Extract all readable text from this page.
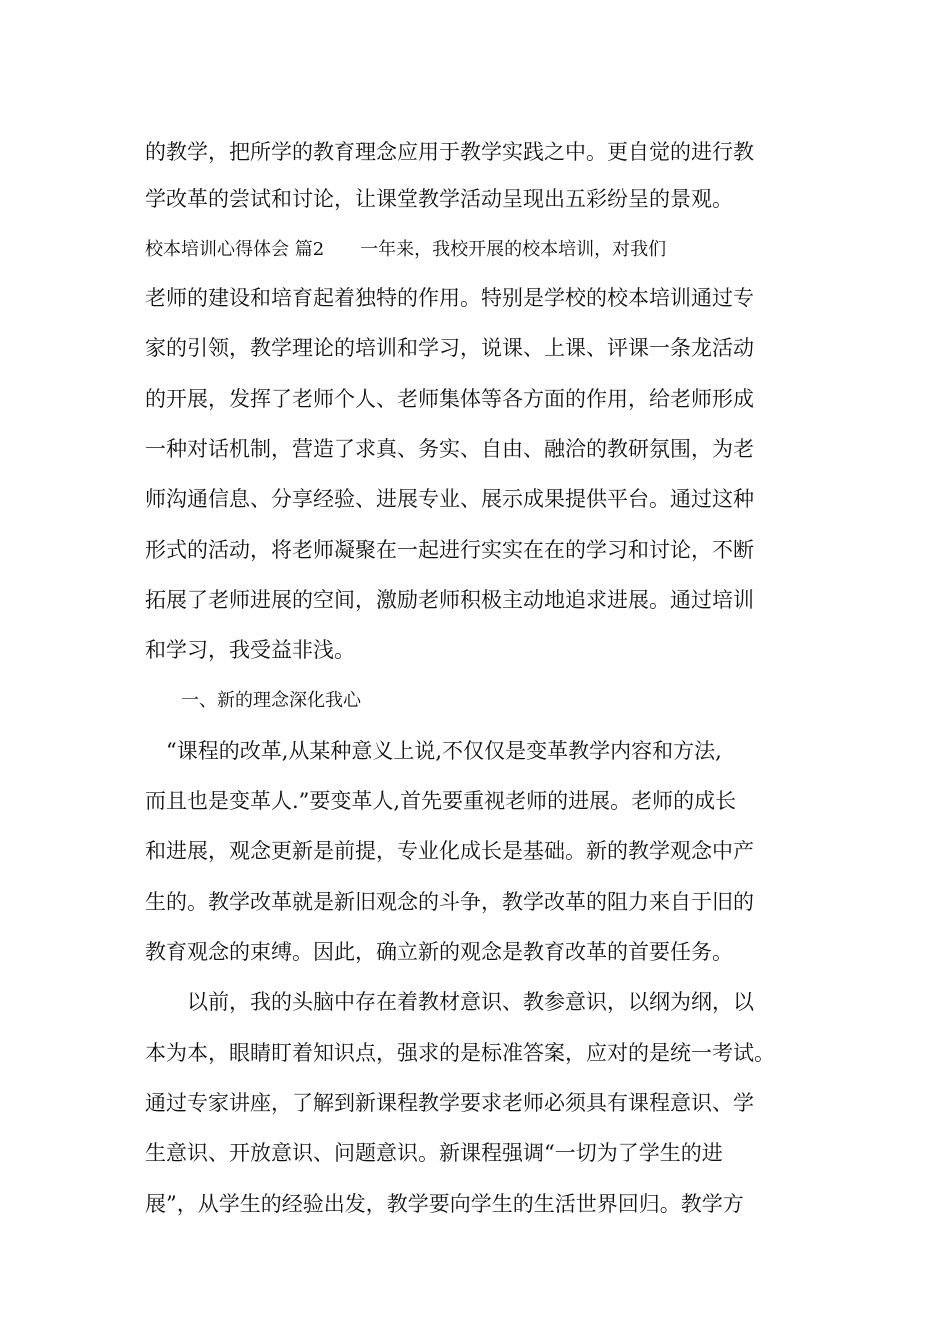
的教学，把所学的教育理念应用于教学实践之中。更自觉的进行教
学改革的尝试和讨论，让课堂教学活动呈现出五彩纷呈的景观。
校本培训心得体会 篇2　　一年来，我校开展的校本培训，对我们
老师的建设和培育起着独特的作用。特别是学校的校本培训通过专
家的引领，教学理论的培训和学习，说课、上课、评课一条龙活动
的开展，发挥了老师个人、老师集体等各方面的作用，给老师形成
一种对话机制，营造了求真、务实、自由、融洽的教研氛围，为老
师沟通信息、分享经验、进展专业、展示成果提供平台。通过这种
形式的活动，将老师凝聚在一起进行实实在在的学习和讨论，不断
拓展了老师进展的空间，激励老师积极主动地追求进展。通过培训
和学习，我受益非浅。
　　一、新的理念深化我心
　“课程的改革,从某种意义上说,不仅仅是变革教学内容和方法,
而且也是变革人.”要变革人,首先要重视老师的进展。老师的成长
和进展，观念更新是前提，专业化成长是基础。新的教学观念中产
生的。教学改革就是新旧观念的斗争，教学改革的阻力来自于旧的
教育观念的束缚。因此，确立新的观念是教育改革的首要任务。
　　以前，我的头脑中存在着教材意识、教参意识，以纲为纲，以
本为本，眼睛盯着知识点，强求的是标准答案，应对的是统一考试。
通过专家讲座，了解到新课程教学要求老师必须具有课程意识、学
生意识、开放意识、问题意识。新课程强调“一切为了学生的进
展”，从学生的经验出发，教学要向学生的生活世界回归。教学方
